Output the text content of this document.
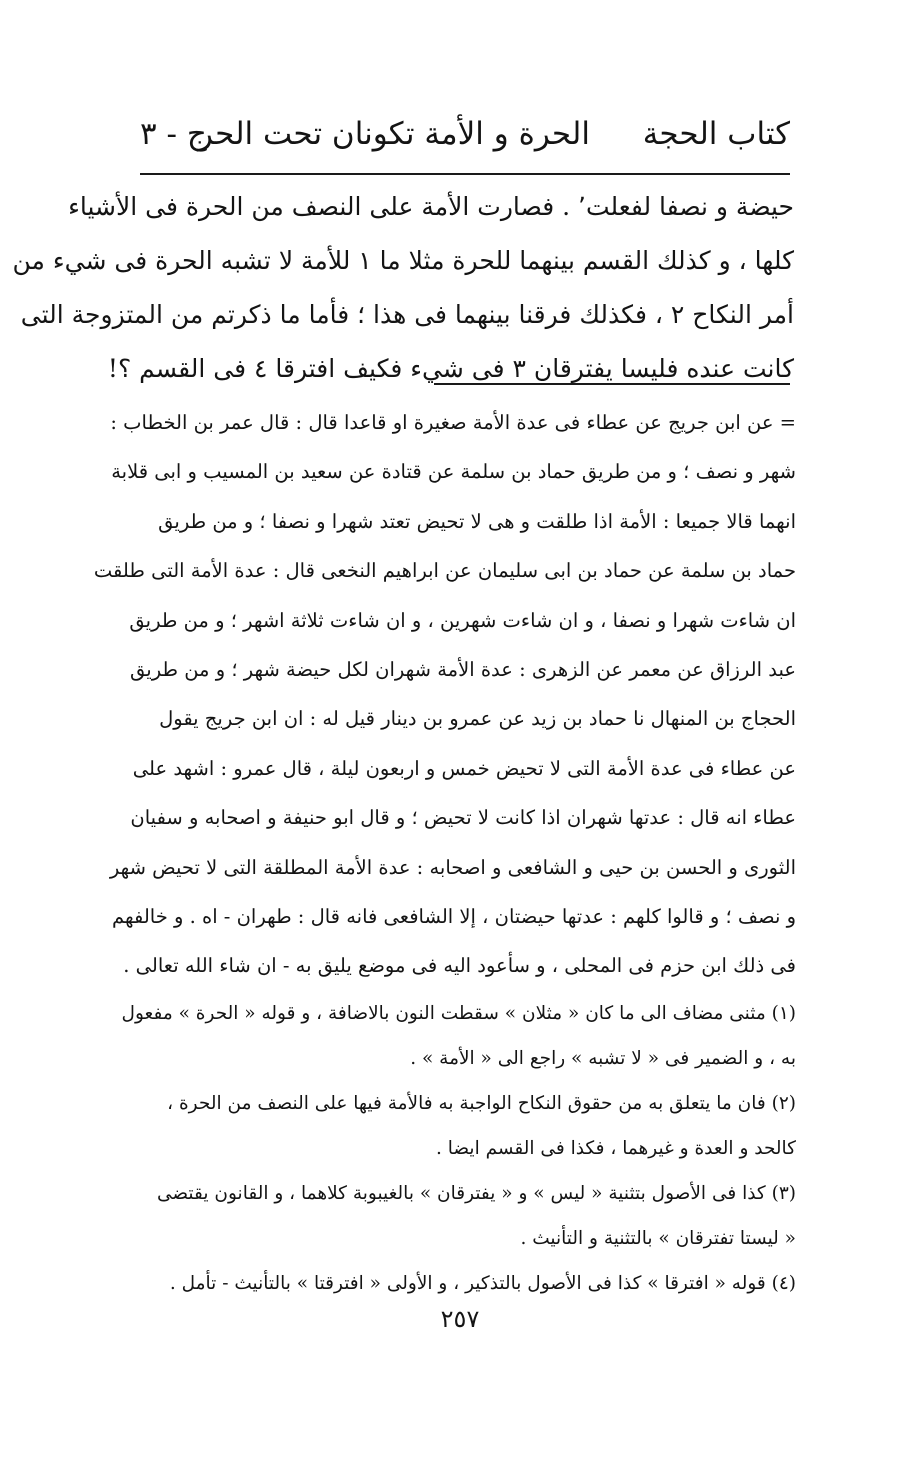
كتاب الحجة
الحرة و الأمة تكونان تحت الحر
ج - ٣

حيضة و نصفا لفعلت٬ . فصارت الأمة على النصف من الحرة فى الأشياء

كلها ، و كذلك القسم بينهما للحرة مثلا ما ١ للأمة لا تشبه الحرة فى شيء من

أمر النكاح ٢ ، فكذلك فرقنا بينهما فى هذا ؛ فأما ما ذكرتم من المتزوجة التى

كانت عنده فليسا يفترقان ٣ فى شيء فكيف افترقا ٤ فى القسم ؟!

= عن ابن جريج عن عطاء فى عدة الأمة صغيرة او قاعدا قال : قال عمر بن الخطاب :

شهر و نصف ؛ و من طريق حماد بن سلمة عن قتادة عن سعيد بن المسيب و ابى قلابة

انهما قالا جميعا : الأمة اذا طلقت و هى لا تحيض تعتد شهرا و نصفا ؛ و من طريق

حماد بن سلمة عن حماد بن ابى سليمان عن ابراهيم النخعى قال : عدة الأمة التى طلقت

ان شاءت شهرا و نصفا ، و ان شاءت شهرين ، و ان شاءت ثلاثة اشهر ؛ و من طريق

عبد الرزاق عن معمر عن الزهرى : عدة الأمة شهران لكل حيضة شهر ؛ و من طريق

الحجاج بن المنهال نا حماد بن زيد عن عمرو بن دينار قيل له : ان ابن جريج يقول

عن عطاء فى عدة الأمة التى لا تحيض خمس و اربعون ليلة ، قال عمرو : اشهد على

عطاء انه قال : عدتها شهران اذا كانت لا تحيض ؛ و قال ابو حنيفة و اصحابه و سفيان

الثورى و الحسن بن حيى و الشافعى و اصحابه : عدة الأمة المطلقة التى لا تحيض شهر

و نصف ؛ و قالوا كلهم : عدتها حيضتان ، إلا الشافعى فانه قال : طهران - اه . و خالفهم

فى ذلك ابن حزم فى المحلى ، و سأعود اليه فى موضع يليق به - ان شاء الله تعالى .

(١) مثنى مضاف الى ما كان « مثلان » سقطت النون بالاضافة ، و قوله « الحرة » مفعول

به ، و الضمير فى « لا تشبه » راجع الى « الأمة » .

(٢) فان ما يتعلق به من حقوق النكاح الواجبة به فالأمة فيها على النصف من الحرة ،

كالحد و العدة و غيرهما ، فكذا فى القسم ايضا .

(٣) كذا فى الأصول بتثنية « ليس » و « يفترقان » بالغيبوبة كلاهما ، و القانون يقتضى

« ليستا تفترقان » بالتثنية و التأنيث .

(٤) قوله « افترقا » كذا فى الأصول بالتذكير ، و الأولى « افترقتا » بالتأنيث - تأمل .

٢٥٧
